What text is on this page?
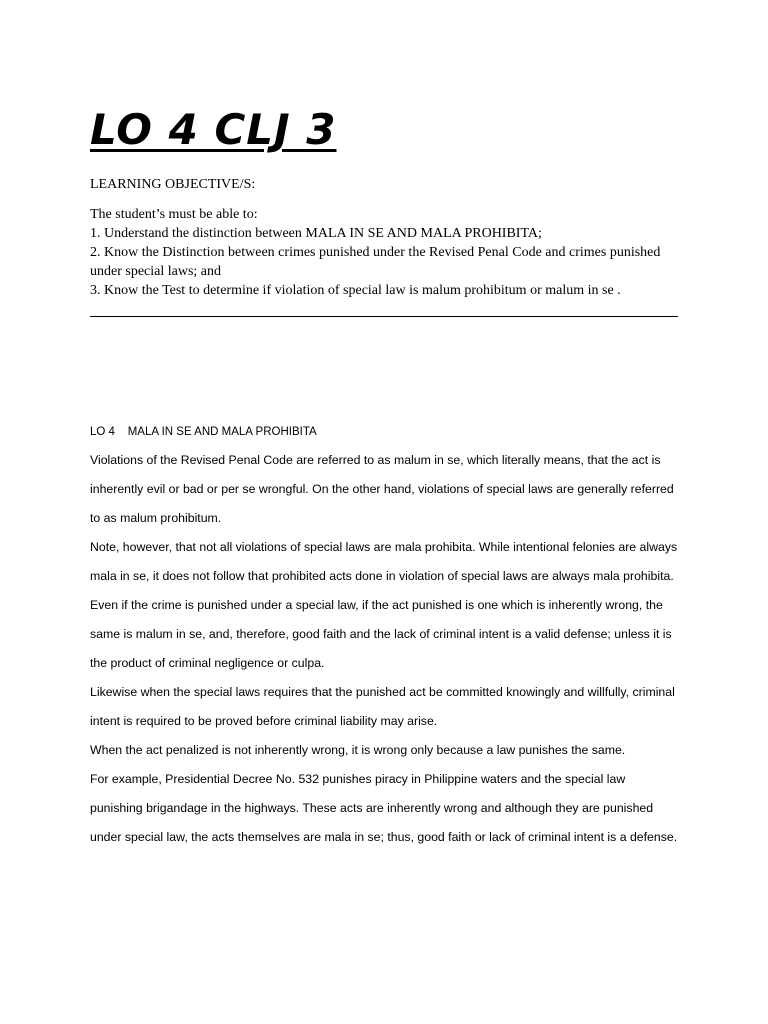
LO 4 CLJ 3
LEARNING OBJECTIVE/S:
The student’s must be able to:
1. Understand the distinction between MALA IN SE AND MALA PROHIBITA;
2. Know the Distinction between crimes punished under the Revised Penal Code and crimes punished under special laws; and
3. Know the Test to determine if violation of special law is malum prohibitum or malum in se .
LO 4    MALA IN SE AND MALA PROHIBITA

Violations of the Revised Penal Code are referred to as malum in se, which literally means, that the act is inherently evil or bad or per se wrongful. On the other hand, violations of special laws are generally referred to as malum prohibitum.

Note, however, that not all violations of special laws are mala prohibita. While intentional felonies are always mala in se, it does not follow that prohibited acts done in violation of special laws are always mala prohibita. Even if the crime is punished under a special law, if the act punished is one which is inherently wrong, the same is malum in se, and, therefore, good faith and the lack of criminal intent is a valid defense; unless it is the product of criminal negligence or culpa.

Likewise when the special laws requires that the punished act be committed knowingly and willfully, criminal intent is required to be proved before criminal liability may arise.

When the act penalized is not inherently wrong, it is wrong only because a law punishes the same.

For example, Presidential Decree No. 532 punishes piracy in Philippine waters and the special law punishing brigandage in the highways. These acts are inherently wrong and although they are punished under special law, the acts themselves are mala in se; thus, good faith or lack of criminal intent is a defense.
